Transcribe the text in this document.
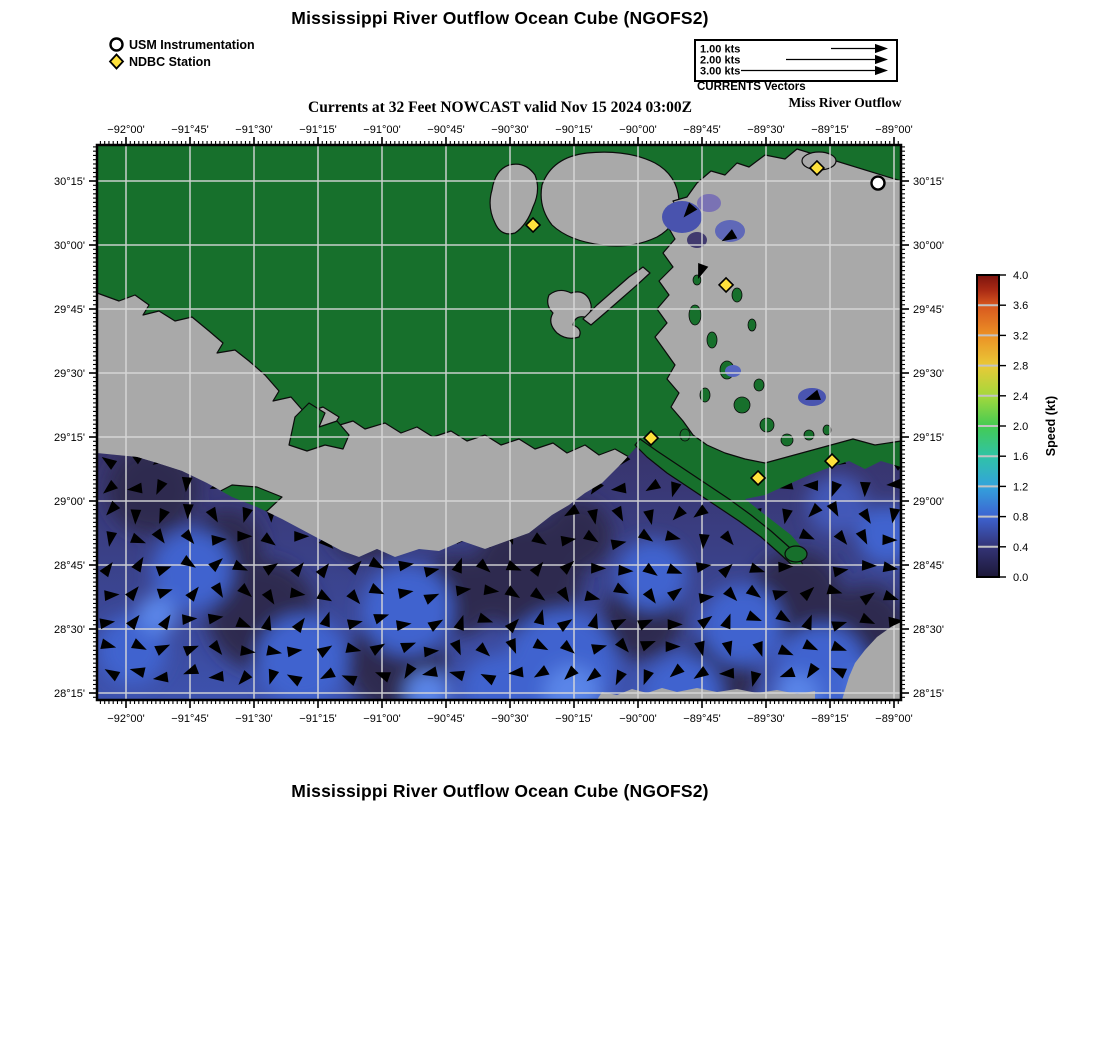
Mississippi River Outflow Ocean Cube (NGOFS2)
Currents at 32 Feet NOWCAST valid Nov 15 2024 03:00Z	Miss River Outflow
USM Instrumentation
NDBC Station
1.00 kts
2.00 kts
3.00 kts
CURRENTS Vectors
−92°00'
−92°00'
−91°45'
−91°45'
−91°30'
−91°30'
−91°15'
−91°15'
−91°00'
−91°00'
−90°45'
−90°45'
−90°30'
−90°30'
−90°15'
−90°15'
−90°00'
−90°00'
−89°45'
−89°45'
−89°30'
−89°30'
−89°15'
−89°15'
−89°00'
−89°00'
30°15'	30°15'
30°00'	30°00'
29°45'	29°45'
29°30'	29°30'
29°15'	29°15'
29°00'	29°00'
28°45'	28°45'
28°30'	28°30'
28°15'	28°15'
0.0
0.4
0.8
1.2
1.6
2.0
2.4
2.8
3.2
3.6
4.0
Speed (kt)
Mississippi River Outflow Ocean Cube (NGOFS2)
